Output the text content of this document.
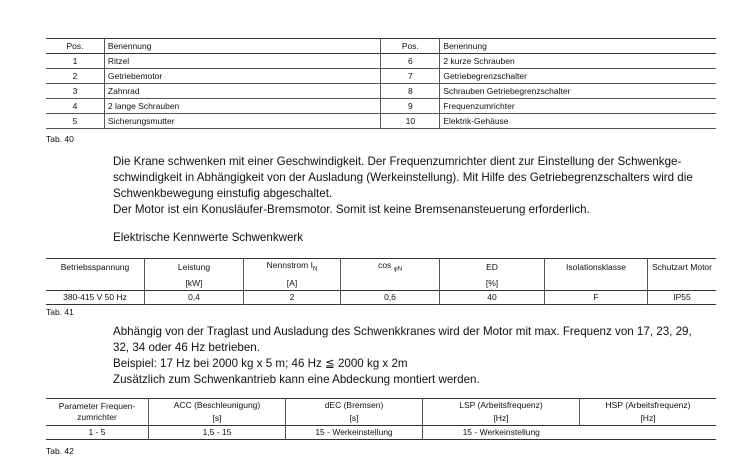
Pos.	Benennung	Pos.	Benennung
1	Ritzel	6	2 kurze Schrauben
2	Getriebemotor	7	Getriebegrenzschalter
3	Zahnrad	8	Schrauben Getriebegrenzschalter
4	2 lange Schrauben	9	Frequenzumrichter
5	Sicherungsmutter	10	Elektrik-Gehäuse
Tab. 40

Die Krane schwenken mit einer Geschwindigkeit. Der Frequenzumrichter dient zur Einstellung der Schwenkge-
schwindigkeit in Abhängigkeit von der Ausladung (Werkeinstellung). Mit Hilfe des Getriebegrenzschalters wird die
Schwenkbewegung einstufig abgeschaltet.
Der Motor ist ein Konusläufer-Bremsmotor. Somit ist keine Bremsenansteuerung erforderlich.

Elektrische Kennwerte Schwenkwerk
Betriebsspannung	Leistung	Nennstrom $I_N$	cos $_{\varphi N}$	ED	Isolationsklasse	Schutzart Motor
	[kW]	[A]		[%]		
380-415 V 50 Hz	0,4	2	0,6	40	F	IP55
Tab. 41

Abhängig von der Traglast und Ausladung des Schwenkkranes wird der Motor mit max. Frequenz von 17, 23, 29,
32, 34 oder 46 Hz betrieben.
Beispiel: 17 Hz bei 2000 kg x 5 m; 46 Hz ≦ 2000 kg x 2m
Zusätzlich zum Schwenkantrieb kann eine Abdeckung montiert werden.

Parameter Frequen-zumrichter	ACC (Beschleunigung)	dEC (Bremsen)	LSP (Arbeitsfrequenz)	HSP (Arbeitsfrequenz)
	[s]	[s]	[Hz]	[Hz]
1 - 5	1,5 - 15	15 - Werkeinstellung	15 - Werkeinstellung	
Tab. 42
